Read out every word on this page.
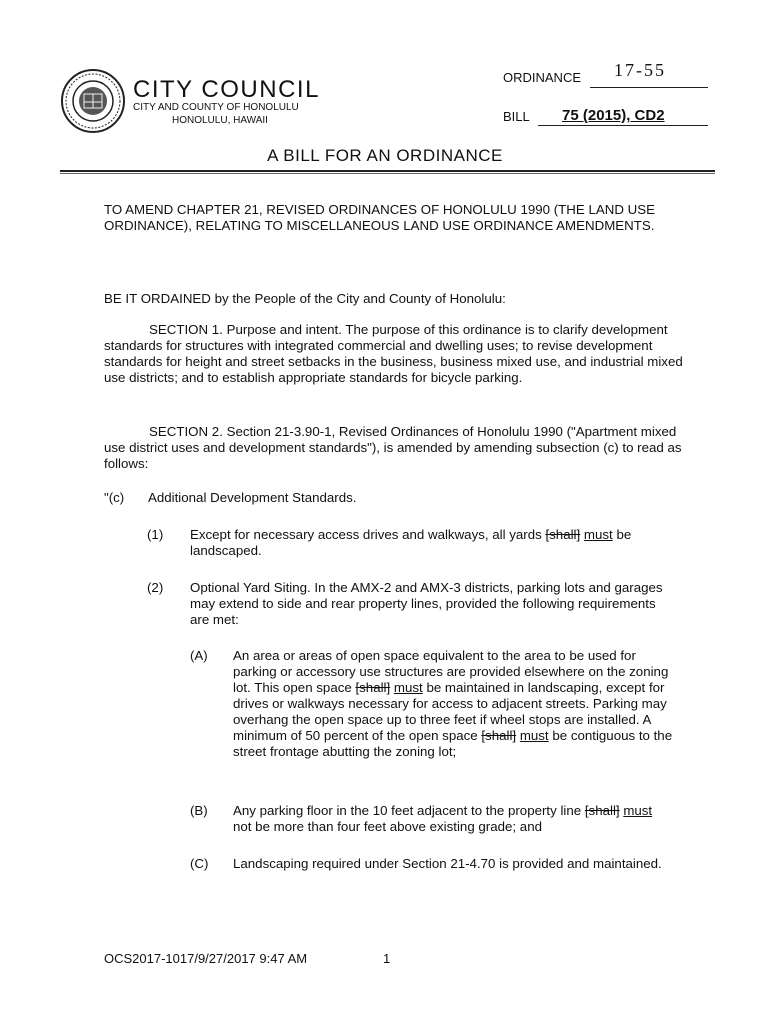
CITY COUNCIL
CITY AND COUNTY OF HONOLULU
HONOLULU, HAWAII
ORDINANCE 17-55
BILL 75 (2015), CD2
A BILL FOR AN ORDINANCE
TO AMEND CHAPTER 21, REVISED ORDINANCES OF HONOLULU 1990 (THE LAND USE ORDINANCE), RELATING TO MISCELLANEOUS LAND USE ORDINANCE AMENDMENTS.
BE IT ORDAINED by the People of the City and County of Honolulu:
SECTION 1. Purpose and intent. The purpose of this ordinance is to clarify development standards for structures with integrated commercial and dwelling uses; to revise development standards for height and street setbacks in the business, business mixed use, and industrial mixed use districts; and to establish appropriate standards for bicycle parking.
SECTION 2. Section 21-3.90-1, Revised Ordinances of Honolulu 1990 ("Apartment mixed use district uses and development standards"), is amended by amending subsection (c) to read as follows:
"(c) Additional Development Standards.
(1) Except for necessary access drives and walkways, all yards [shall] must be landscaped.
(2) Optional Yard Siting. In the AMX-2 and AMX-3 districts, parking lots and garages may extend to side and rear property lines, provided the following requirements are met:
(A) An area or areas of open space equivalent to the area to be used for parking or accessory use structures are provided elsewhere on the zoning lot. This open space [shall] must be maintained in landscaping, except for drives or walkways necessary for access to adjacent streets. Parking may overhang the open space up to three feet if wheel stops are installed. A minimum of 50 percent of the open space [shall] must be contiguous to the street frontage abutting the zoning lot;
(B) Any parking floor in the 10 feet adjacent to the property line [shall] must not be more than four feet above existing grade; and
(C) Landscaping required under Section 21-4.70 is provided and maintained.
OCS2017-1017/9/27/2017 9:47 AM	1
